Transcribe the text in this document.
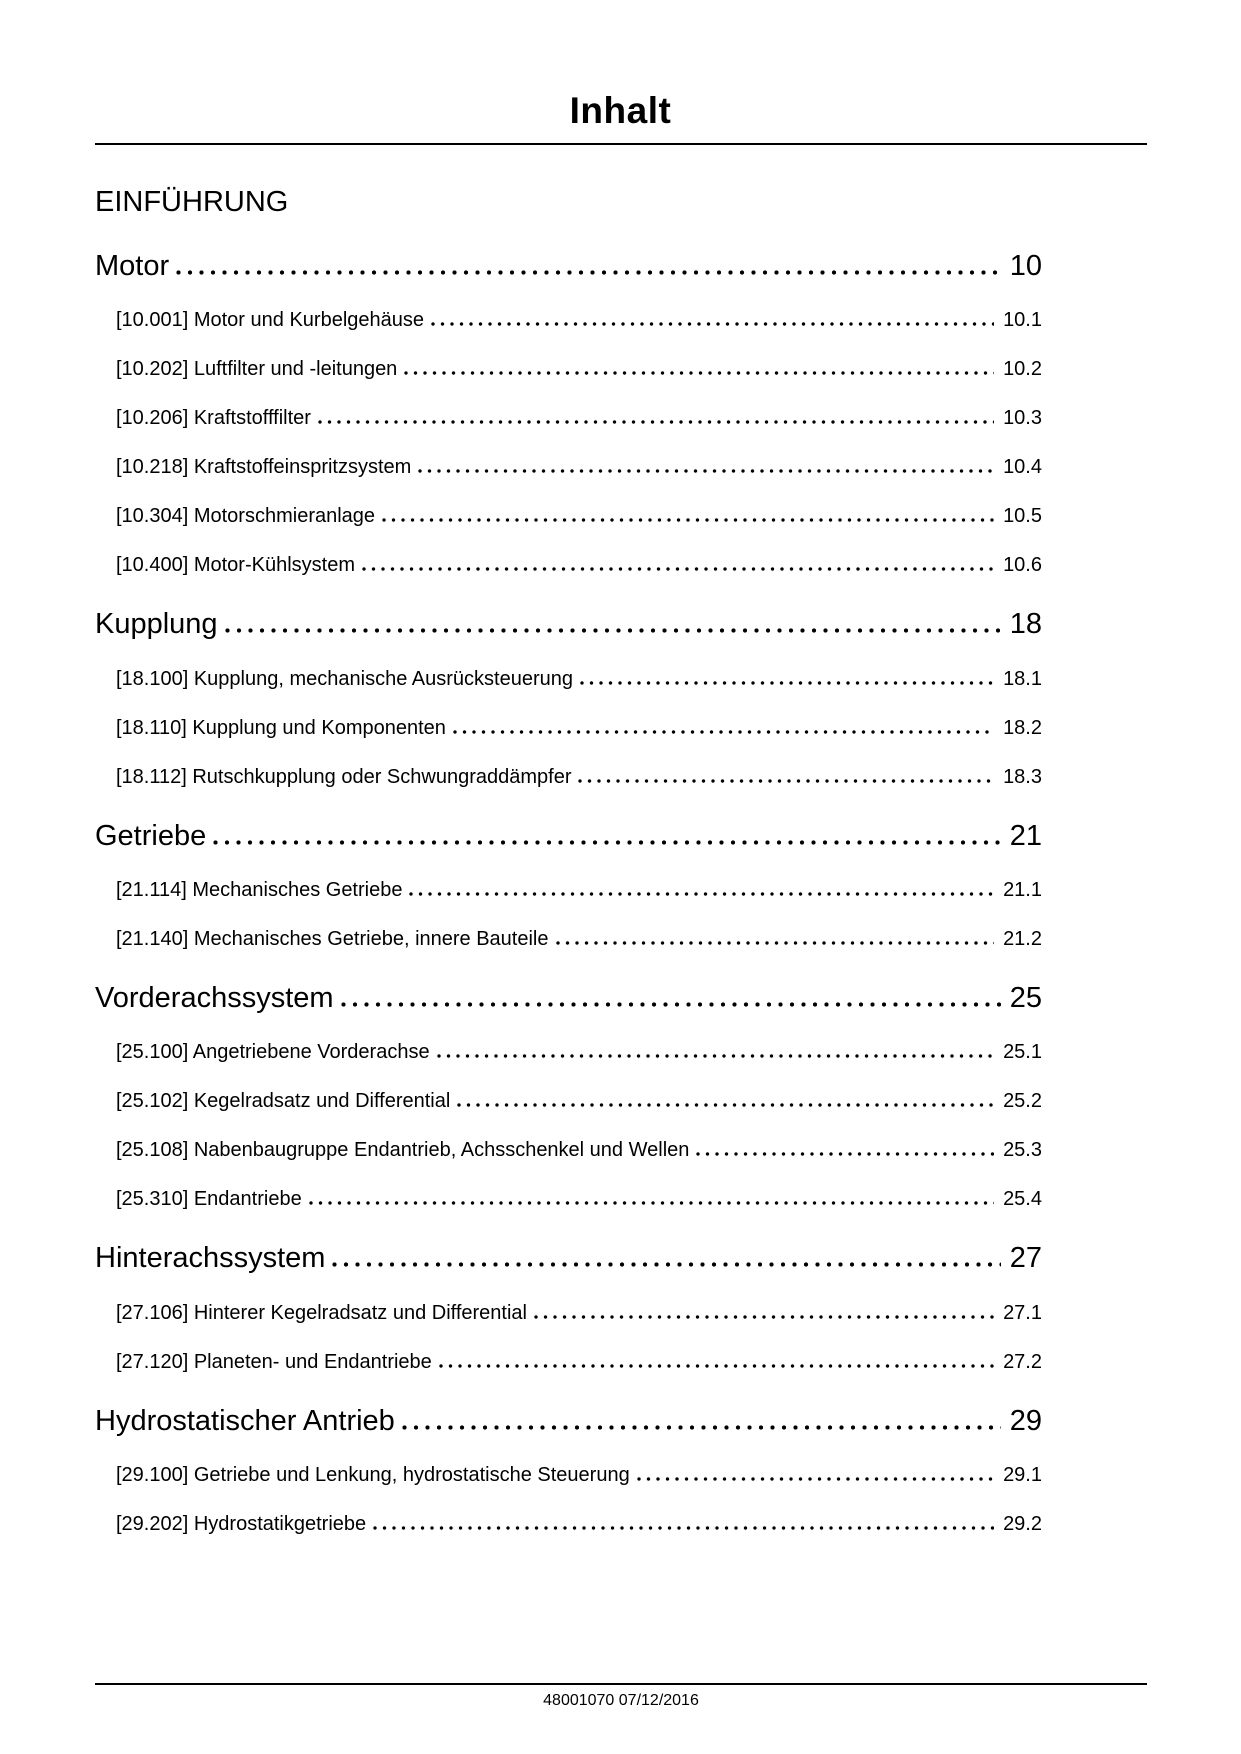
Inhalt
EINFÜHRUNG
Motor	10
[10.001] Motor und Kurbelgehäuse	10.1
[10.202] Luftfilter und -leitungen	10.2
[10.206] Kraftstofffilter	10.3
[10.218] Kraftstoffeinspritzsystem	10.4
[10.304] Motorschmieranlage	10.5
[10.400] Motor-Kühlsystem	10.6
Kupplung	18
[18.100] Kupplung, mechanische Ausrücksteuerung	18.1
[18.110] Kupplung und Komponenten	18.2
[18.112] Rutschkupplung oder Schwungraddämpfer	18.3
Getriebe	21
[21.114] Mechanisches Getriebe	21.1
[21.140] Mechanisches Getriebe, innere Bauteile	21.2
Vorderachssystem	25
[25.100] Angetriebene Vorderachse	25.1
[25.102] Kegelradsatz und Differential	25.2
[25.108] Nabenbaugruppe Endantrieb, Achsschenkel und Wellen	25.3
[25.310] Endantriebe	25.4
Hinterachssystem	27
[27.106] Hinterer Kegelradsatz und Differential	27.1
[27.120] Planeten- und Endantriebe	27.2
Hydrostatischer Antrieb	29
[29.100] Getriebe und Lenkung, hydrostatische Steuerung	29.1
[29.202] Hydrostatikgetriebe	29.2
48001070 07/12/2016
